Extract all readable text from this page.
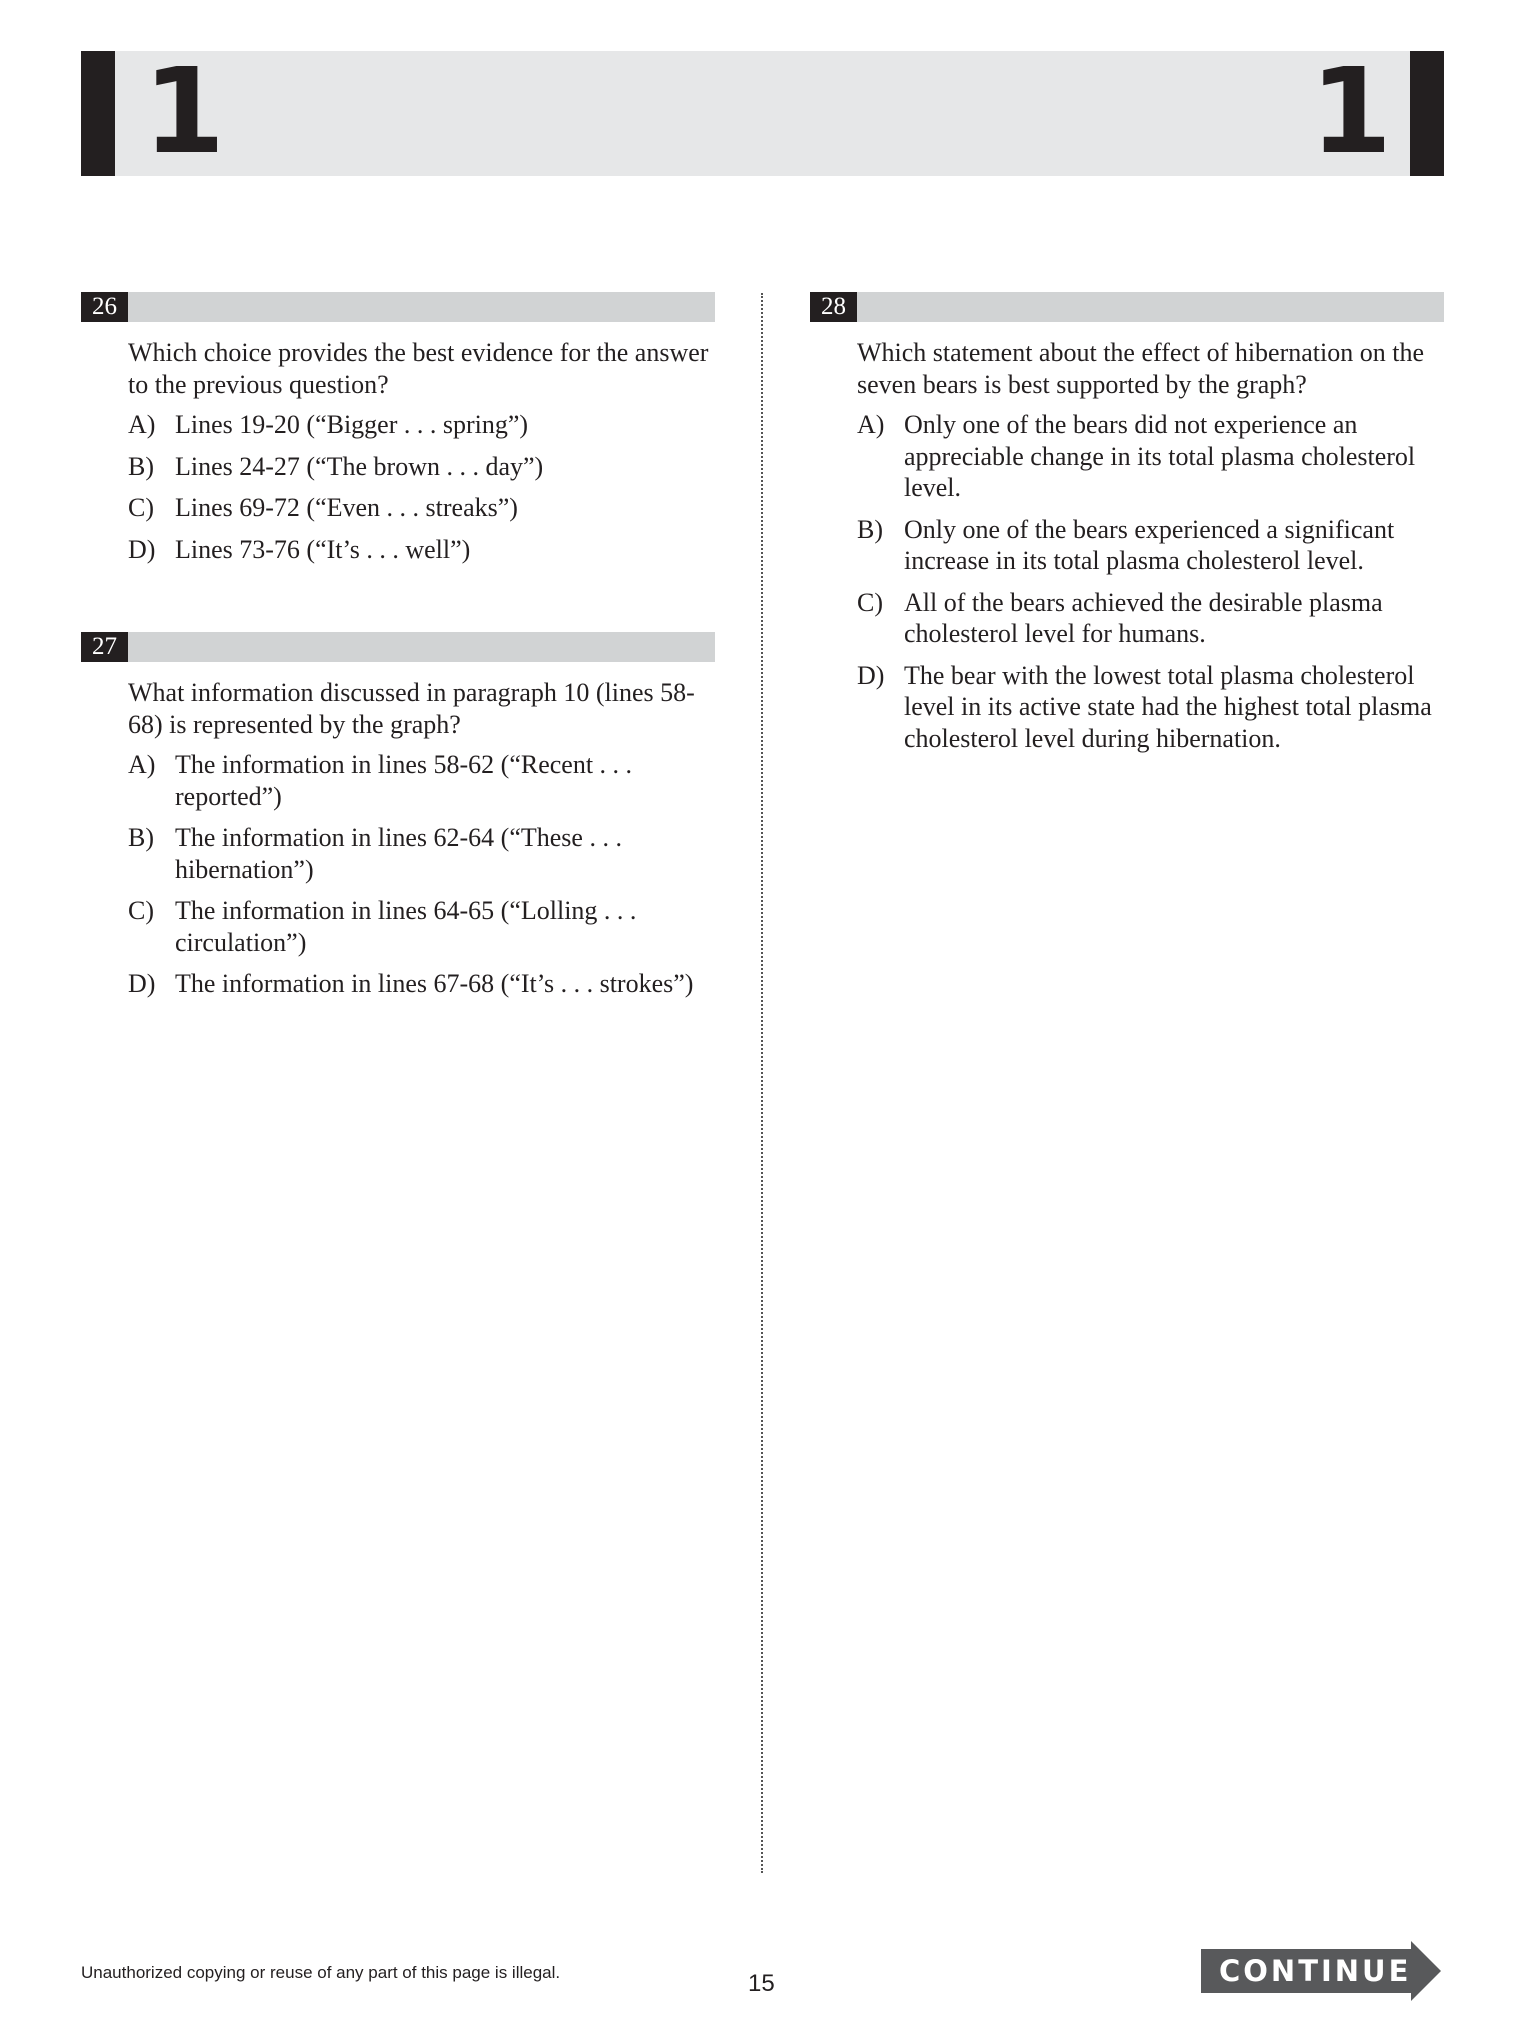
1	1
26
Which choice provides the best evidence for the answer to the previous question?
A) Lines 19-20 (“Bigger . . . spring”)
B) Lines 24-27 (“The brown . . . day”)
C) Lines 69-72 (“Even . . . streaks”)
D) Lines 73-76 (“It’s . . . well”)
27
What information discussed in paragraph 10 (lines 58-68) is represented by the graph?
A) The information in lines 58-62 (“Recent . . . reported”)
B) The information in lines 62-64 (“These . . . hibernation”)
C) The information in lines 64-65 (“Lolling . . . circulation”)
D) The information in lines 67-68 (“It’s . . . strokes”)
28
Which statement about the effect of hibernation on the seven bears is best supported by the graph?
A) Only one of the bears did not experience an appreciable change in its total plasma cholesterol level.
B) Only one of the bears experienced a significant increase in its total plasma cholesterol level.
C) All of the bears achieved the desirable plasma cholesterol level for humans.
D) The bear with the lowest total plasma cholesterol level in its active state had the highest total plasma cholesterol level during hibernation.
Unauthorized copying or reuse of any part of this page is illegal.	15	CONTINUE
